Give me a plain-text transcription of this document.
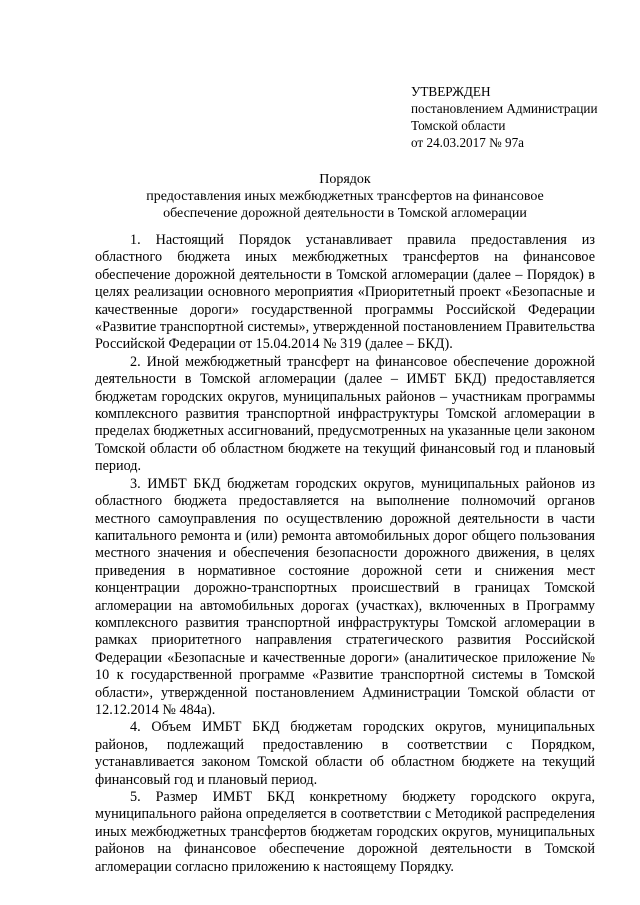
УТВЕРЖДЕН
постановлением Администрации
Томской области
от 24.03.2017 № 97а
Порядок
предоставления иных межбюджетных трансфертов на финансовое
обеспечение дорожной деятельности в Томской агломерации

1. Настоящий Порядок устанавливает правила предоставления из областного бюджета иных межбюджетных трансфертов на финансовое обеспечение дорожной деятельности в Томской агломерации (далее – Порядок) в целях реализации основного мероприятия «Приоритетный проект «Безопасные и качественные дороги» государственной программы Российской Федерации «Развитие транспортной системы», утвержденной постановлением Правительства Российской Федерации от 15.04.2014 № 319 (далее – БКД).

2. Иной межбюджетный трансферт на финансовое обеспечение дорожной деятельности в Томской агломерации (далее – ИМБТ БКД) предоставляется бюджетам городских округов, муниципальных районов – участникам программы комплексного развития транспортной инфраструктуры Томской агломерации в пределах бюджетных ассигнований, предусмотренных на указанные цели законом Томской области об областном бюджете на текущий финансовый год и плановый период.

3. ИМБТ БКД бюджетам городских округов, муниципальных районов из областного бюджета предоставляется на выполнение полномочий органов местного самоуправления по осуществлению дорожной деятельности в части капитального ремонта и (или) ремонта автомобильных дорог общего пользования местного значения и обеспечения безопасности дорожного движения, в целях приведения в нормативное состояние дорожной сети и снижения мест концентрации дорожно-транспортных происшествий в границах Томской агломерации на автомобильных дорогах (участках), включенных в Программу комплексного развития транспортной инфраструктуры Томской агломерации в рамках приоритетного направления стратегического развития Российской Федерации «Безопасные и качественные дороги» (аналитическое приложение № 10 к государственной программе «Развитие транспортной системы в Томской области», утвержденной постановлением Администрации Томской области от 12.12.2014 № 484а).

4. Объем ИМБТ БКД бюджетам городских округов, муниципальных районов, подлежащий предоставлению в соответствии с Порядком, устанавливается законом Томской области об областном бюджете на текущий финансовый год и плановый период.

5. Размер ИМБТ БКД конкретному бюджету городского округа, муниципального района определяется в соответствии с Методикой распределения иных межбюджетных трансфертов бюджетам городских округов, муниципальных районов на финансовое обеспечение дорожной деятельности в Томской агломерации согласно приложению к настоящему Порядку.
